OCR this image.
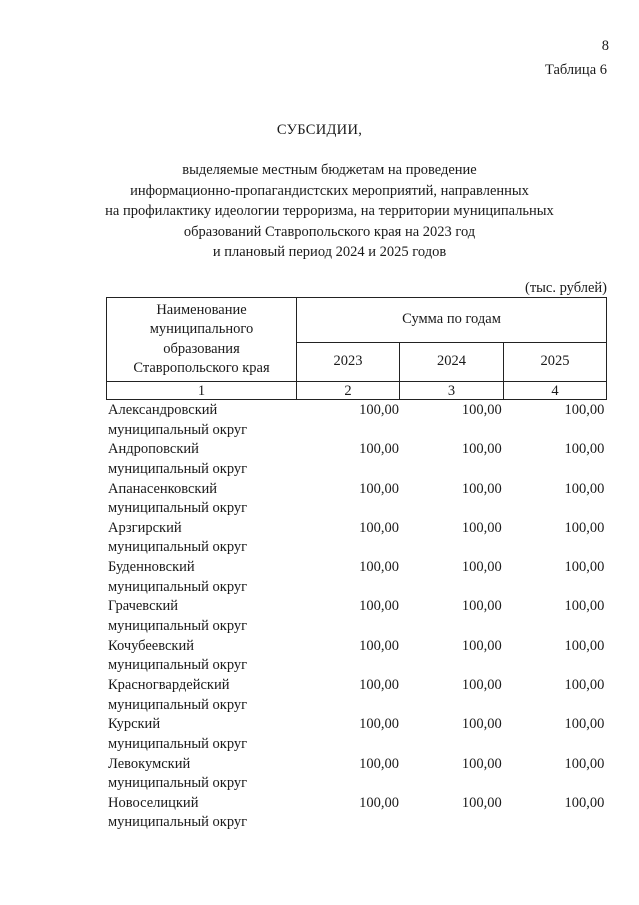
8
Таблица 6
СУБСИДИИ,
выделяемые местным бюджетам на проведение
информационно-пропагандистских мероприятий, направленных
на профилактику идеологии терроризма, на территории муниципальных
образований Ставропольского края на 2023 год
и плановый период 2024 и 2025 годов
(тыс. рублей)
Наименование
муниципального
образования
Ставропольского края	Сумма по годам		
	2023	2024	2025
1	2	3	4
Александровский
муниципальный округ
100,00	100,00	100,00
Андроповский
муниципальный округ
100,00	100,00	100,00
Апанасенковский
муниципальный округ
100,00	100,00	100,00
Арзгирский
муниципальный округ
100,00	100,00	100,00
Буденновский
муниципальный округ
100,00	100,00	100,00
Грачевский
муниципальный округ
100,00	100,00	100,00
Кочубеевский
муниципальный округ
100,00	100,00	100,00
Красногвардейский
муниципальный округ
100,00	100,00	100,00
Курский
муниципальный округ
100,00	100,00	100,00
Левокумский
муниципальный округ
100,00	100,00	100,00
Новоселицкий
муниципальный округ
100,00	100,00	100,00
